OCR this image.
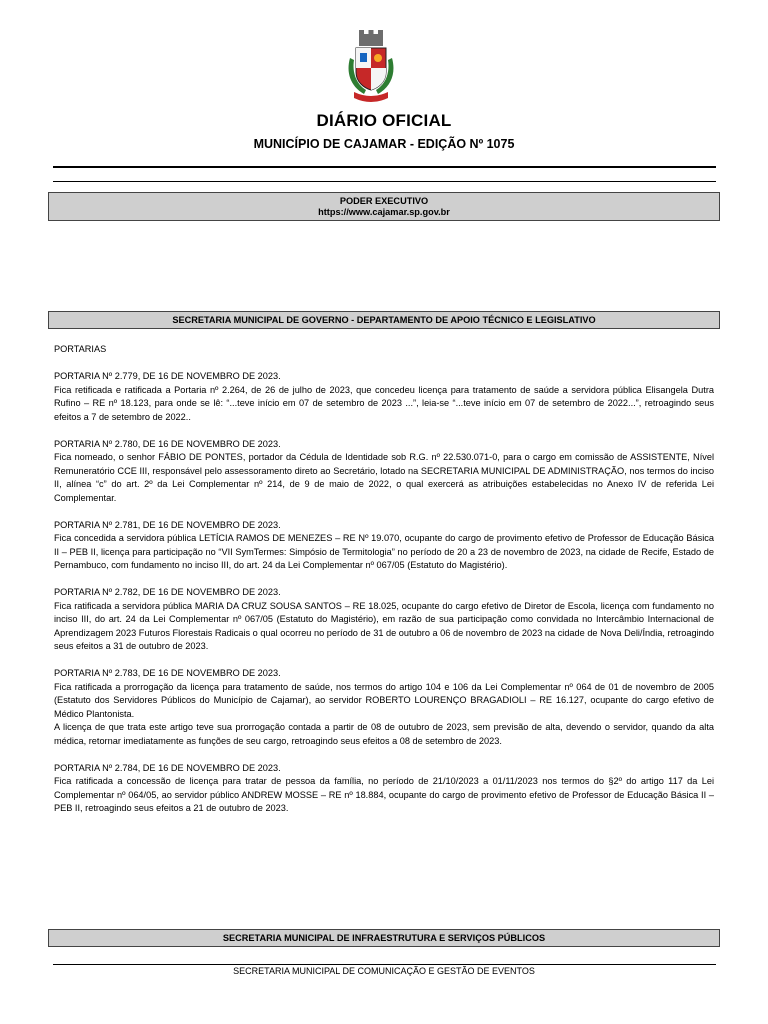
DIÁRIO OFICIAL
MUNICÍPIO DE CAJAMAR - EDIÇÃO Nº 1075
PODER EXECUTIVO
https://www.cajamar.sp.gov.br
SECRETARIA MUNICIPAL DE GOVERNO - DEPARTAMENTO DE APOIO TÉCNICO E LEGISLATIVO

PORTARIAS

PORTARIA Nº 2.779, DE 16 DE NOVEMBRO DE 2023.
Fica retificada e ratificada a Portaria nº 2.264, de 26 de julho de 2023, que concedeu licença para tratamento de saúde a servidora pública Elisangela Dutra Rufino – RE nº 18.123, para onde se lê: “...teve início em 07 de setembro de 2023 ...”, leia-se “...teve início em 07 de setembro de 2022...”, retroagindo seus efeitos a 7 de setembro de 2022..

PORTARIA Nº 2.780, DE 16 DE NOVEMBRO DE 2023.
Fica nomeado, o senhor FÁBIO DE PONTES, portador da Cédula de Identidade sob R.G. nº 22.530.071-0, para o cargo em comissão de ASSISTENTE, Nível Remuneratório CCE III, responsável pelo assessoramento direto ao Secretário, lotado na SECRETARIA MUNICIPAL DE ADMINISTRAÇÃO, nos termos do inciso II, alínea “c” do art. 2º da Lei Complementar nº 214, de 9 de maio de 2022, o qual exercerá as atribuições estabelecidas no Anexo IV de referida Lei Complementar.

PORTARIA Nº 2.781, DE 16 DE NOVEMBRO DE 2023.
Fica concedida a servidora pública LETÍCIA RAMOS DE MENEZES – RE Nº 19.070, ocupante do cargo de provimento efetivo de Professor de Educação Básica II – PEB II, licença para participação no “VII SymTermes: Simpósio de Termitologia” no período de 20 a 23 de novembro de 2023, na cidade de Recife, Estado de Pernambuco, com fundamento no inciso III, do art. 24 da Lei Complementar nº 067/05 (Estatuto do Magistério).

PORTARIA Nº 2.782, DE 16 DE NOVEMBRO DE 2023.
Fica ratificada a servidora pública MARIA DA CRUZ SOUSA SANTOS – RE 18.025, ocupante do cargo efetivo de Diretor de Escola, licença com fundamento no inciso III, do art. 24 da Lei Complementar nº 067/05 (Estatuto do Magistério), em razão de sua participação como convidada no Intercâmbio Internacional de Aprendizagem 2023 Futuros Florestais Radicais o qual ocorreu no período de 31 de outubro a 06 de novembro de 2023 na cidade de Nova Deli/Índia, retroagindo seus efeitos a 31 de outubro de 2023.

PORTARIA Nº 2.783, DE 16 DE NOVEMBRO DE 2023.
Fica ratificada a prorrogação da licença para tratamento de saúde, nos termos do artigo 104 e 106 da Lei Complementar nº 064 de 01 de novembro de 2005 (Estatuto dos Servidores Públicos do Município de Cajamar), ao servidor ROBERTO LOURENÇO BRAGADIOLI – RE 16.127, ocupante do cargo efetivo de Médico Plantonista.
A licença de que trata este artigo teve sua prorrogação contada a partir de 08 de outubro de 2023, sem previsão de alta, devendo o servidor, quando da alta médica, retornar imediatamente as funções de seu cargo, retroagindo seus efeitos a 08 de setembro de 2023.

PORTARIA Nº 2.784, DE 16 DE NOVEMBRO DE 2023.
Fica ratificada a concessão de licença para tratar de pessoa da família, no período de 21/10/2023 a 01/11/2023 nos termos do §2º do artigo 117 da Lei Complementar nº 064/05, ao servidor público ANDREW MOSSE – RE nº 18.884, ocupante do cargo de provimento efetivo de Professor de Educação Básica II – PEB II, retroagindo seus efeitos a 21 de outubro de 2023.

SECRETARIA MUNICIPAL DE INFRAESTRUTURA E SERVIÇOS PÚBLICOS
SECRETARIA MUNICIPAL DE COMUNICAÇÃO E GESTÃO DE EVENTOS
